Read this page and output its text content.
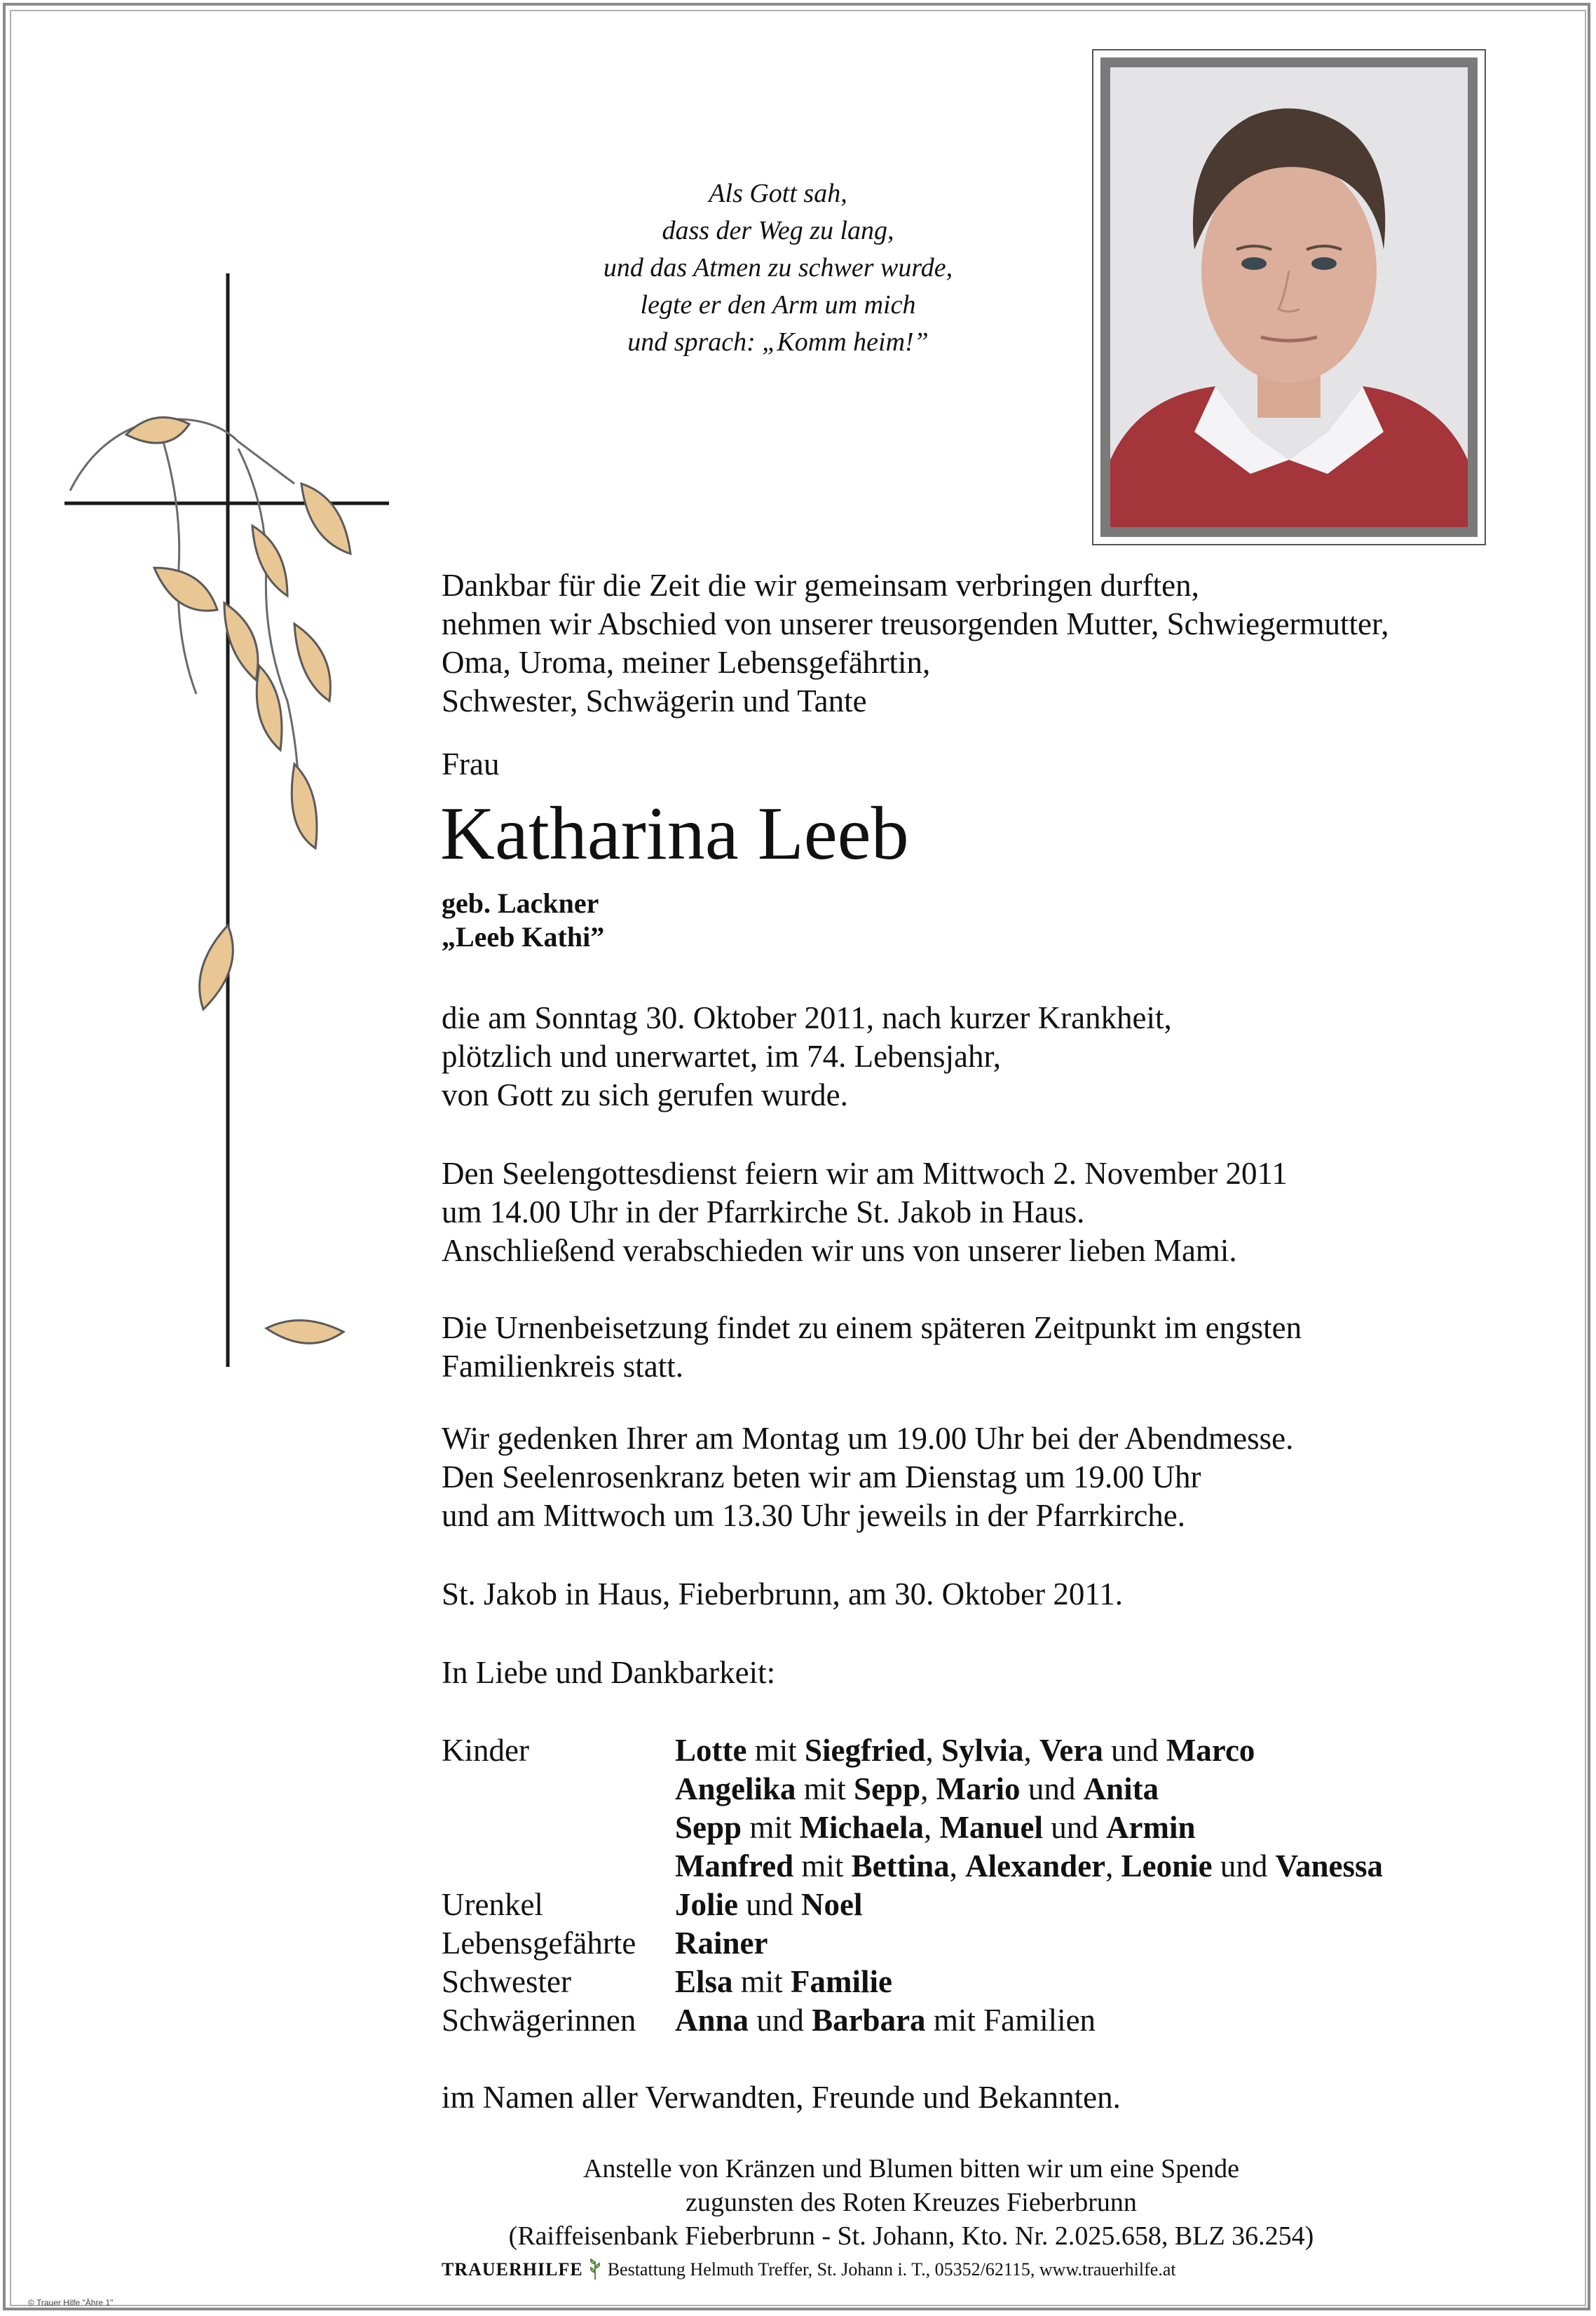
Als Gott sah,
dass der Weg zu lang,
und das Atmen zu schwer wurde,
legte er den Arm um mich
und sprach: „Komm heim!”
Dankbar für die Zeit die wir gemeinsam verbringen durften,
nehmen wir Abschied von unserer treusorgenden Mutter, Schwiegermutter,
Oma, Uroma, meiner Lebensgefährtin,
Schwester, Schwägerin und Tante
Frau
Katharina Leeb
geb. Lackner
„Leeb Kathi”
die am Sonntag 30. Oktober 2011, nach kurzer Krankheit,
plötzlich und unerwartet, im 74. Lebensjahr,
von Gott zu sich gerufen wurde.
Den Seelengottesdienst feiern wir am Mittwoch 2. November 2011
um 14.00 Uhr in der Pfarrkirche St. Jakob in Haus.
Anschließend verabschieden wir uns von unserer lieben Mami.
Die Urnenbeisetzung findet zu einem späteren Zeitpunkt im engsten
Familienkreis statt.
Wir gedenken Ihrer am Montag um 19.00 Uhr bei der Abendmesse.
Den Seelenrosenkranz beten wir am Dienstag um 19.00 Uhr
und am Mittwoch um 13.30 Uhr jeweils in der Pfarrkirche.
St. Jakob in Haus, Fieberbrunn, am 30. Oktober 2011.
In Liebe und Dankbarkeit:
Kinder	Lotte mit Siegfried, Sylvia, Vera und Marco
Angelika mit Sepp, Mario und Anita
Sepp mit Michaela, Manuel und Armin
Manfred mit Bettina, Alexander, Leonie und Vanessa
Urenkel	Jolie und Noel
Lebensgefährte Rainer
Schwester	Elsa mit Familie
Schwägerinnen Anna und Barbara mit Familien
im Namen aller Verwandten, Freunde und Bekannten.
Anstelle von Kränzen und Blumen bitten wir um eine Spende
zugunsten des Roten Kreuzes Fieberbrunn
(Raiffeisenbank Fieberbrunn - St. Johann, Kto. Nr. 2.025.658, BLZ 36.254)
TRAUERHILFE Bestattung Helmuth Treffer, St. Johann i. T., 05352/62115, www.trauerhilfe.at
© Trauer Hilfe "Ähre 1"
